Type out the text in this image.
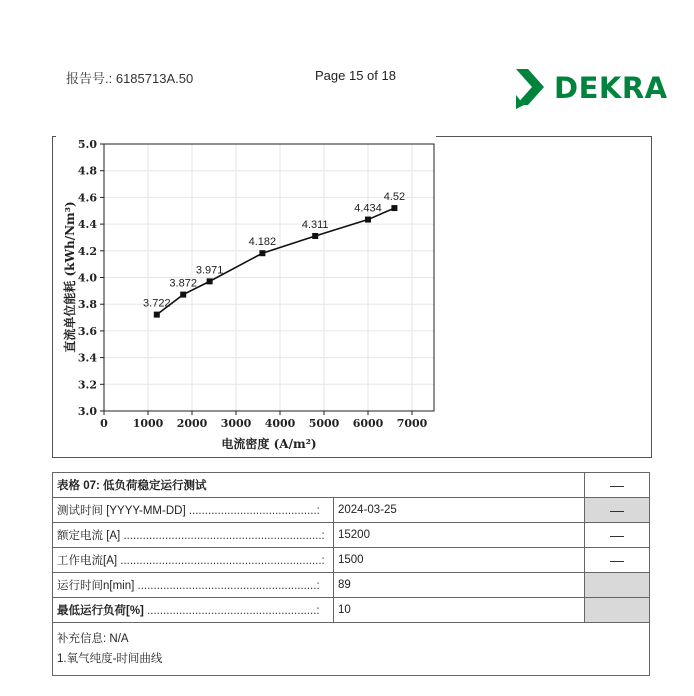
报告号.: 6185713A.50	Page 15 of 18	DEKRA
3.0
3.2
3.4
3.6
3.8
4.0
4.2
4.4
4.6
4.8
5.0
0 1000 2000 3000 4000 5000 6000 7000
3.722
3.872
3.971
4.182
4.311
4.434
4.52
电流密度 (A/m²)
直流单位能耗 (kWh/Nm³)
表格 07: 低负荷稳定运行测试		—
测试时间 [YYYY-MM-DD] ........................................:	2024-03-25	—
额定电流 [A] ..............................................................:	15200	—
工作电流[A] ...............................................................:	1500	—
运行时间n[min] ........................................................:	89	
最低运行负荷[%] .....................................................:	10	

补充信息: N/A
1.氧气纯度-时间曲线		
